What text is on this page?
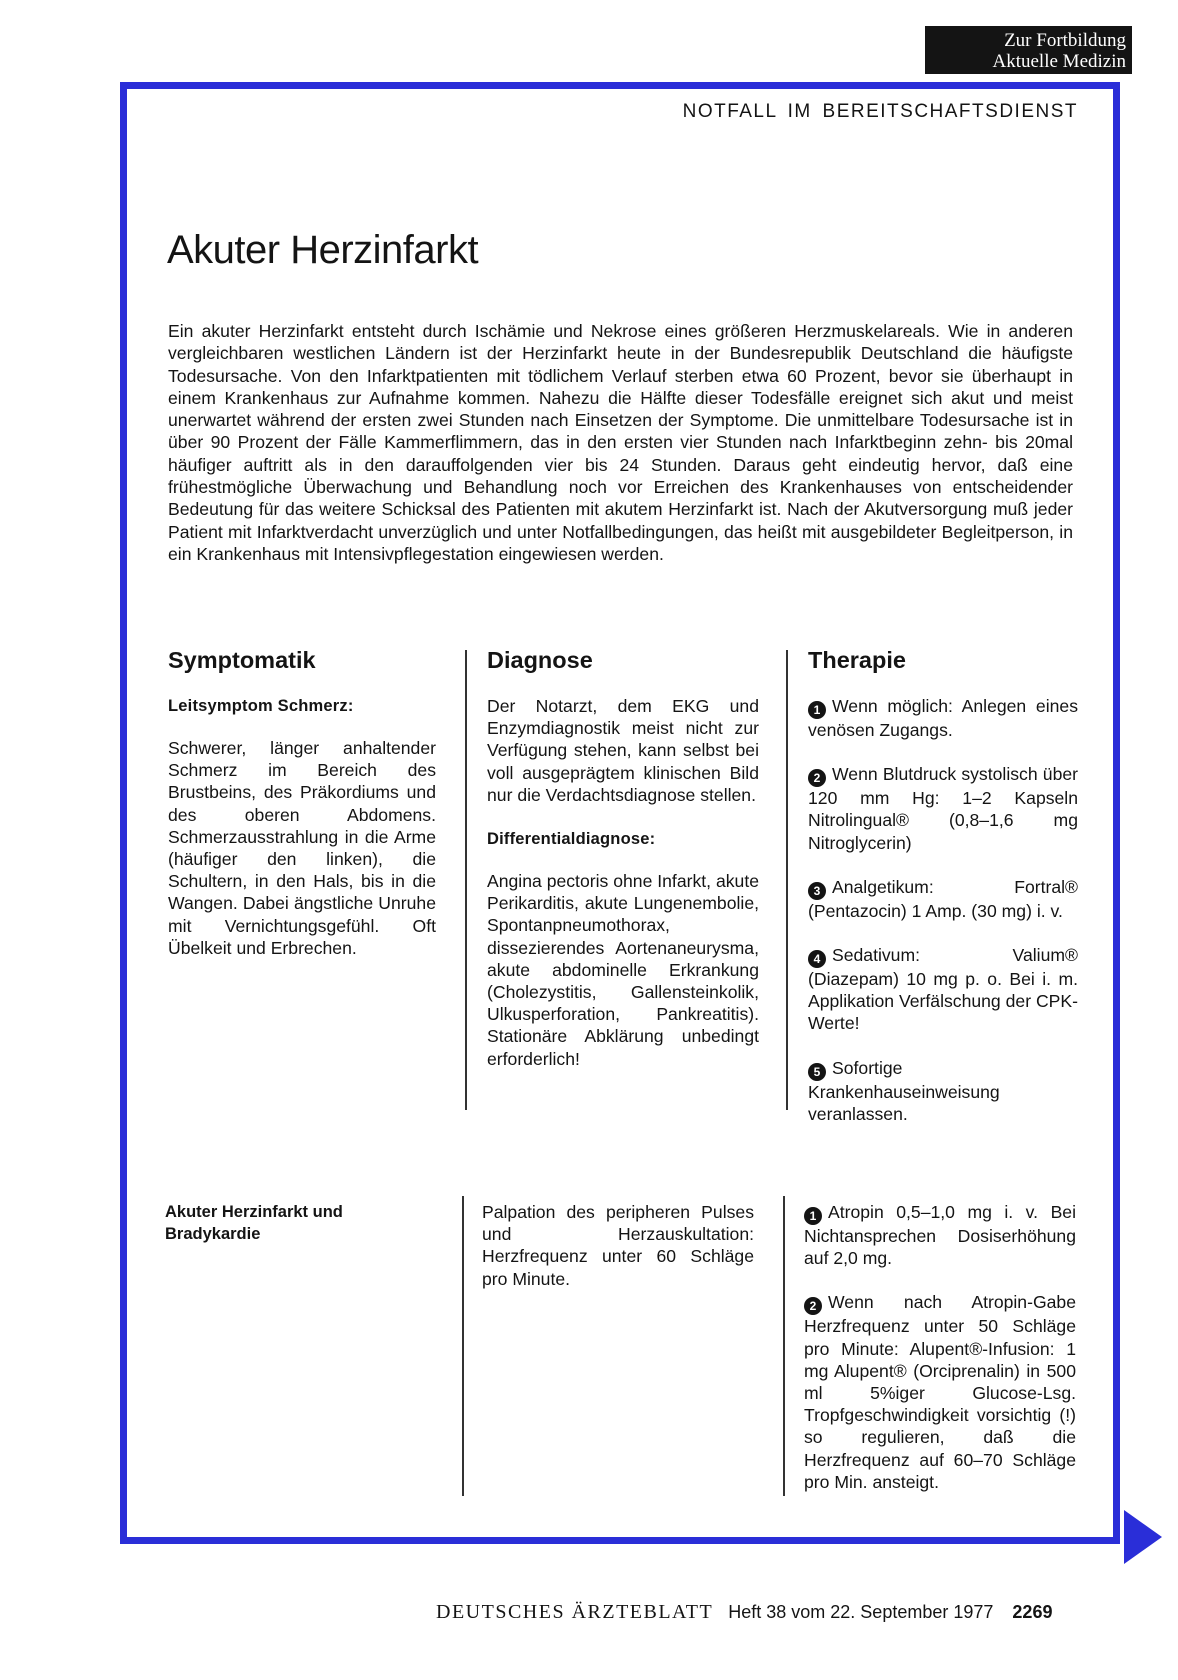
Zur Fortbildung
Aktuelle Medizin
NOTFALL IM BEREITSCHAFTSDIENST
Akuter Herzinfarkt

Ein akuter Herzinfarkt entsteht durch Ischämie und Nekrose eines größeren Herzmuskelareals. Wie in anderen vergleichbaren westlichen Ländern ist der Herzinfarkt heute in der Bundesrepublik Deutschland die häufigste Todesursache. Von den Infarktpatienten mit tödlichem Verlauf sterben etwa 60 Prozent, bevor sie überhaupt in einem Krankenhaus zur Aufnahme kommen. Nahezu die Hälfte dieser Todesfälle ereignet sich akut und meist unerwartet während der ersten zwei Stunden nach Einsetzen der Symptome. Die unmittelbare Todesursache ist in über 90 Prozent der Fälle Kammerflimmern, das in den ersten vier Stunden nach Infarktbeginn zehn- bis 20mal häufiger auftritt als in den darauffolgenden vier bis 24 Stunden. Daraus geht eindeutig hervor, daß eine frühestmögliche Überwachung und Behandlung noch vor Erreichen des Krankenhauses von entscheidender Bedeutung für das weitere Schicksal des Patienten mit akutem Herzinfarkt ist. Nach der Akutversorgung muß jeder Patient mit Infarktverdacht unverzüglich und unter Notfallbedingungen, das heißt mit ausgebildeter Begleitperson, in ein Krankenhaus mit Intensivpflegestation eingewiesen werden.

Symptomatik
Leitsymptom Schmerz:

Schwerer, länger anhaltender Schmerz im Bereich des Brustbeins, des Präkordiums und des oberen Abdomens. Schmerzausstrahlung in die Arme (häufiger den linken), die Schultern, in den Hals, bis in die Wangen. Dabei ängstliche Unruhe mit Vernichtungsgefühl. Oft Übelkeit und Erbrechen.

Diagnose

Der Notarzt, dem EKG und Enzymdiagnostik meist nicht zur Verfügung stehen, kann selbst bei voll ausgeprägtem klinischen Bild nur die Verdachtsdiagnose stellen.

Differentialdiagnose:

Angina pectoris ohne Infarkt, akute Perikarditis, akute Lungenembolie, Spontanpneumothorax, dissezierendes Aortenaneurysma, akute abdominelle Erkrankung (Cholezystitis, Gallensteinkolik, Ulkusperforation, Pankreatitis). Stationäre Abklärung unbedingt erforderlich!

Therapie

1 Wenn möglich: Anlegen eines venösen Zugangs.

2 Wenn Blutdruck systolisch über 120 mm Hg: 1–2 Kapseln Nitrolingual® (0,8–1,6 mg Nitroglycerin)

3 Analgetikum: Fortral® (Pentazocin) 1 Amp. (30 mg) i. v.

4 Sedativum: Valium® (Diazepam) 10 mg p. o. Bei i. m. Applikation Verfälschung der CPK-Werte!

5 Sofortige Krankenhauseinweisung veranlassen.

Akuter Herzinfarkt und Bradykardie

Palpation des peripheren Pulses und Herzauskultation: Herzfrequenz unter 60 Schläge pro Minute.

1 Atropin 0,5–1,0 mg i. v. Bei Nichtansprechen Dosiserhöhung auf 2,0 mg.

2 Wenn nach Atropin-Gabe Herzfrequenz unter 50 Schläge pro Minute: Alupent®-Infusion: 1 mg Alupent® (Orciprenalin) in 500 ml 5%iger Glucose-Lsg. Tropfgeschwindigkeit vorsichtig (!) so regulieren, daß die Herzfrequenz auf 60–70 Schläge pro Min. ansteigt.

DEUTSCHES ÄRZTEBLATT Heft 38 vom 22. September 1977 2269
